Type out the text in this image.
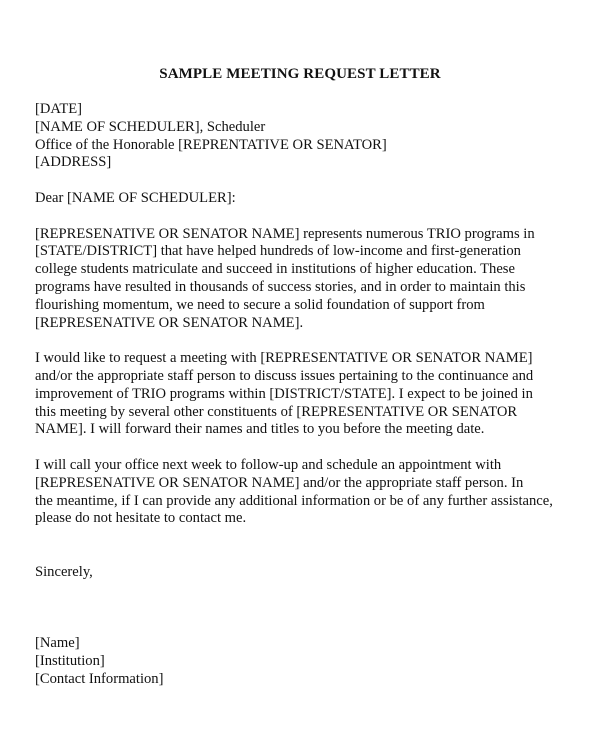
SAMPLE MEETING REQUEST LETTER
[DATE]
[NAME OF SCHEDULER], Scheduler
Office of the Honorable [REPRENTATIVE OR SENATOR]
[ADDRESS]
Dear [NAME OF SCHEDULER]:
[REPRESENATIVE OR SENATOR NAME] represents numerous TRIO programs in
[STATE/DISTRICT] that have helped hundreds of low-income and first-generation
college students matriculate and succeed in institutions of higher education. These
programs have resulted in thousands of success stories, and in order to maintain this
flourishing momentum, we need to secure a solid foundation of support from
[REPRESENATIVE OR SENATOR NAME].
I would like to request a meeting with [REPRESENTATIVE OR SENATOR NAME]
and/or the appropriate staff person to discuss issues pertaining to the continuance and
improvement of TRIO programs within [DISTRICT/STATE]. I expect to be joined in
this meeting by several other constituents of [REPRESENTATIVE OR SENATOR
NAME]. I will forward their names and titles to you before the meeting date.
I will call your office next week to follow-up and schedule an appointment with
[REPRESENATIVE OR SENATOR NAME] and/or the appropriate staff person. In
the meantime, if I can provide any additional information or be of any further assistance,
please do not hesitate to contact me.
Sincerely,
[Name]
[Institution]
[Contact Information]
